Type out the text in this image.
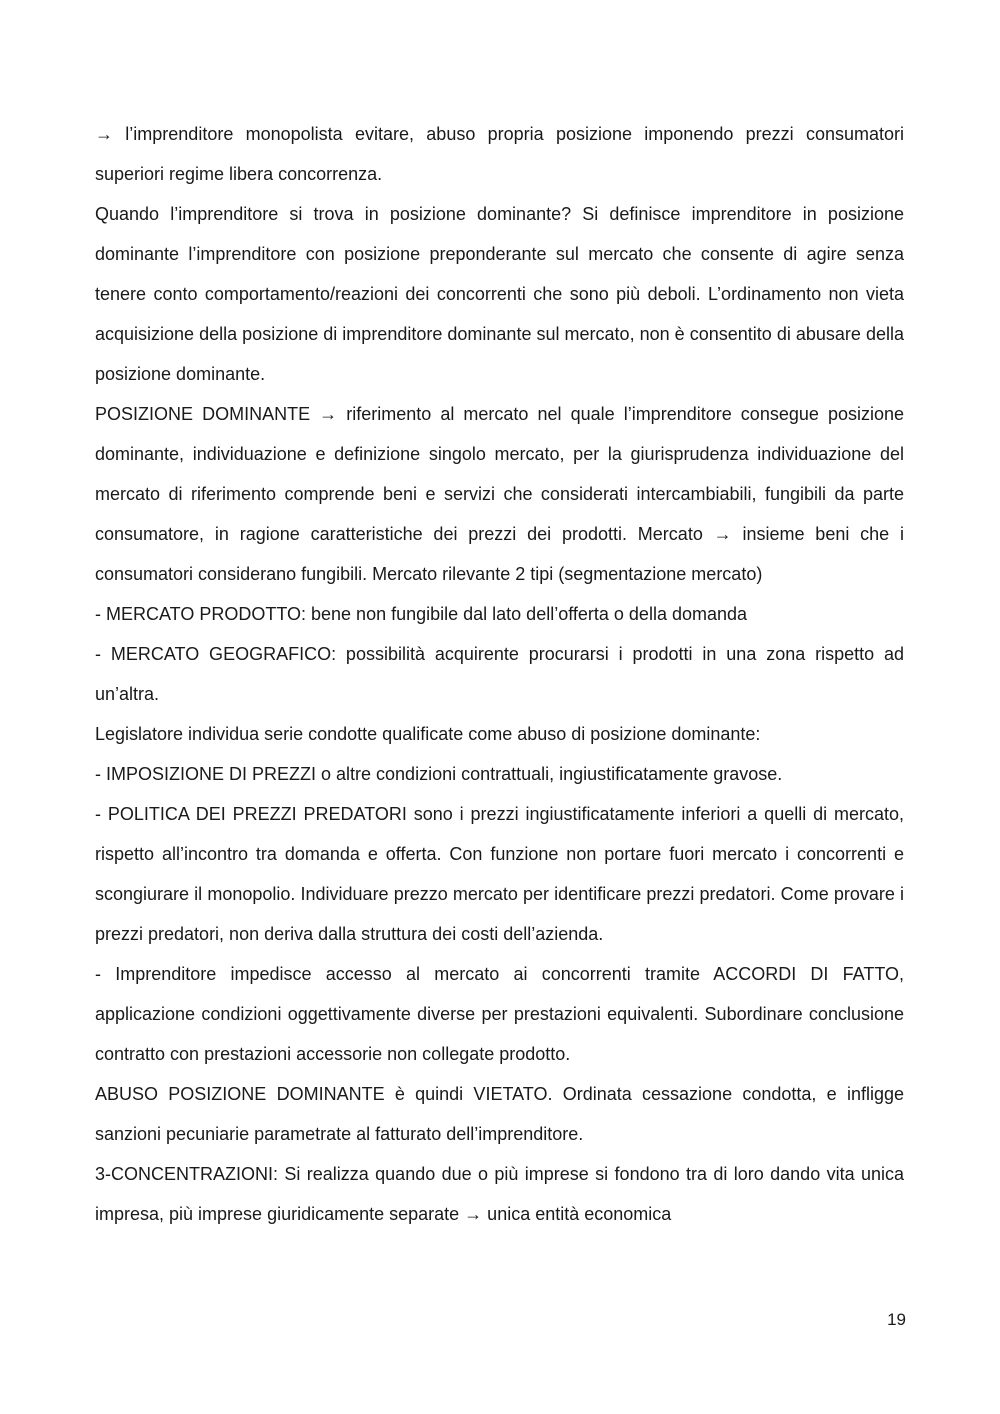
→ l’imprenditore monopolista evitare, abuso propria posizione imponendo prezzi consumatori superiori regime libera concorrenza.

Quando l’imprenditore si trova in posizione dominante? Si definisce imprenditore in posizione dominante l’imprenditore con posizione preponderante sul mercato che consente di agire senza tenere conto comportamento/reazioni dei concorrenti che sono più deboli. L’ordinamento non vieta acquisizione della posizione di imprenditore dominante sul mercato, non è consentito di abusare della posizione dominante.

POSIZIONE DOMINANTE → riferimento al mercato nel quale l’imprenditore consegue posizione dominante, individuazione e definizione singolo mercato, per la giurisprudenza individuazione del mercato di riferimento comprende beni e servizi che considerati intercambiabili, fungibili da parte consumatore, in ragione caratteristiche dei prezzi dei prodotti. Mercato → insieme beni che i consumatori considerano fungibili. Mercato rilevante 2 tipi (segmentazione mercato)

- MERCATO PRODOTTO: bene non fungibile dal lato dell’offerta o della domanda

- MERCATO GEOGRAFICO: possibilità acquirente procurarsi i prodotti in una zona rispetto ad un’altra.

Legislatore individua serie condotte qualificate come abuso di posizione dominante:

- IMPOSIZIONE DI PREZZI o altre condizioni contrattuali, ingiustificatamente gravose.

- POLITICA DEI PREZZI PREDATORI sono i prezzi ingiustificatamente inferiori a quelli di mercato, rispetto all’incontro tra domanda e offerta. Con funzione non portare fuori mercato i concorrenti e scongiurare il monopolio. Individuare prezzo mercato per identificare prezzi predatori. Come provare i prezzi predatori, non deriva dalla struttura dei costi dell’azienda.

- Imprenditore impedisce accesso al mercato ai concorrenti tramite ACCORDI DI FATTO, applicazione condizioni oggettivamente diverse per prestazioni equivalenti. Subordinare conclusione contratto con prestazioni accessorie non collegate prodotto.

ABUSO POSIZIONE DOMINANTE è quindi VIETATO. Ordinata cessazione condotta, e infligge sanzioni pecuniarie parametrate al fatturato dell’imprenditore.

3-CONCENTRAZIONI: Si realizza quando due o più imprese si fondono tra di loro dando vita unica impresa, più imprese giuridicamente separate → unica entità economica

19
